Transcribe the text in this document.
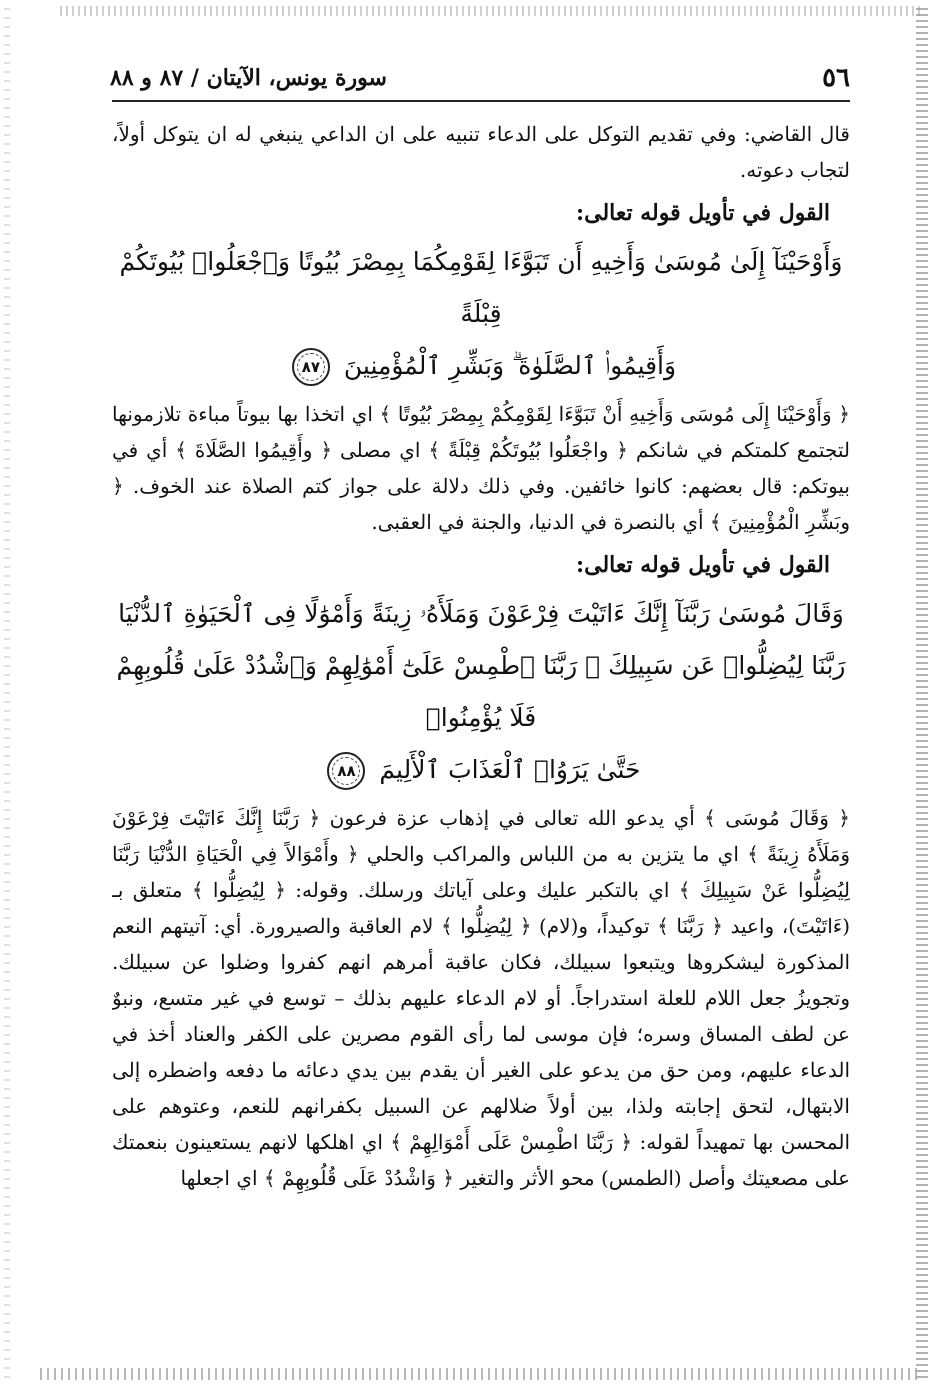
٥٦
سورة يونس، الآيتان / ٨٧ و ٨٨

قال القاضي: وفي تقديم التوكل على الدعاء تنبيه على ان الداعي ينبغي له ان يتوكل أولاً، لتجاب دعوته.

القول في تأويل قوله تعالى:
وَأَوْحَيْنَآ إِلَىٰ مُوسَىٰ وَأَخِيهِ أَن تَبَوَّءَا لِقَوْمِكُمَا بِمِصْرَ بُيُوتًا وَٱجْعَلُوا۟ بُيُوتَكُمْ قِبْلَةً
وَأَقِيمُوا۟ ٱلصَّلَوٰةَ ۗ وَبَشِّرِ ٱلْمُؤْمِنِينَ ٨٧

﴿ وَأَوْحَيْنَا إِلَى مُوسَى وَأَخِيهِ أَنْ تَبَوَّءَا لِقَوْمِكُمْ بِمِصْرَ بُيُوتًا ﴾ اي اتخذا بها بيوتاً مباءة تلازمونها لتجتمع كلمتكم في شانكم ﴿ واجْعَلُوا بُيُوتَكُمْ قِبْلَةً ﴾ اي مصلى ﴿ وأَقِيمُوا الصَّلَاةَ ﴾ أي في بيوتكم: قال بعضهم: كانوا خائفين. وفي ذلك دلالة على جواز كتم الصلاة عند الخوف. ﴿ وبَشِّرِ الْمُؤْمِنِينَ ﴾ أي بالنصرة في الدنيا، والجنة في العقبى.

القول في تأويل قوله تعالى:
وَقَالَ مُوسَىٰ رَبَّنَآ إِنَّكَ ءَاتَيْتَ فِرْعَوْنَ وَمَلَأَهُۥ زِينَةً وَأَمْوَٰلًا فِى ٱلْحَيَوٰةِ ٱلدُّنْيَا
رَبَّنَا لِيُضِلُّوا۟ عَن سَبِيلِكَ ۖ رَبَّنَا ٱطْمِسْ عَلَىٰٓ أَمْوَٰلِهِمْ وَٱشْدُدْ عَلَىٰ قُلُوبِهِمْ فَلَا يُؤْمِنُوا۟
حَتَّىٰ يَرَوُا۟ ٱلْعَذَابَ ٱلْأَلِيمَ ٨٨

﴿ وَقَالَ مُوسَى ﴾ أي يدعو الله تعالى في إذهاب عزة فرعون ﴿ رَبَّنَا إِنَّكَ ءَاتَيْتَ فِرْعَوْنَ وَمَلَأَهُ زِينَةً ﴾ اي ما يتزين به من اللباس والمراكب والحلي ﴿ وأَمْوَالاً فِي الْحَيَاةِ الدُّنْيَا رَبَّنَا لِيُضِلُّوا عَنْ سَبِيلِكَ ﴾ اي بالتكبر عليك وعلى آياتك ورسلك. وقوله: ﴿ لِيُضِلُّوا ﴾ متعلق بـ (ءَاتَيْتَ)، واعيد ﴿ رَبَّنَا ﴾ توكيداً، و(لام) ﴿ لِيُضِلُّوا ﴾ لام العاقبة والصيرورة. أي: آتيتهم النعم المذكورة ليشكروها ويتبعوا سبيلك، فكان عاقبة أمرهم انهم كفروا وضلوا عن سبيلك. وتجويزُ جعل اللام للعلة استدراجاً. أو لام الدعاء عليهم بذلك – توسع في غير متسع، ونبوٌ عن لطف المساق وسره؛ فإن موسى لما رأى القوم مصرين على الكفر والعناد أخذ في الدعاء عليهم، ومن حق من يدعو على الغير أن يقدم بين يدي دعائه ما دفعه واضطره إلى الابتهال، لتحق إجابته ولذا، بين أولاً ضلالهم عن السبيل بكفرانهم للنعم، وعتوهم على المحسن بها تمهيداً لقوله: ﴿ رَبَّنَا اطْمِسْ عَلَى أَمْوَالِهِمْ ﴾ اي اهلكها لانهم يستعينون بنعمتك على مصعيتك وأصل (الطمس) محو الأثر والتغير ﴿ وَاشْدُدْ عَلَى قُلُوبِهِمْ ﴾ اي اجعلها
